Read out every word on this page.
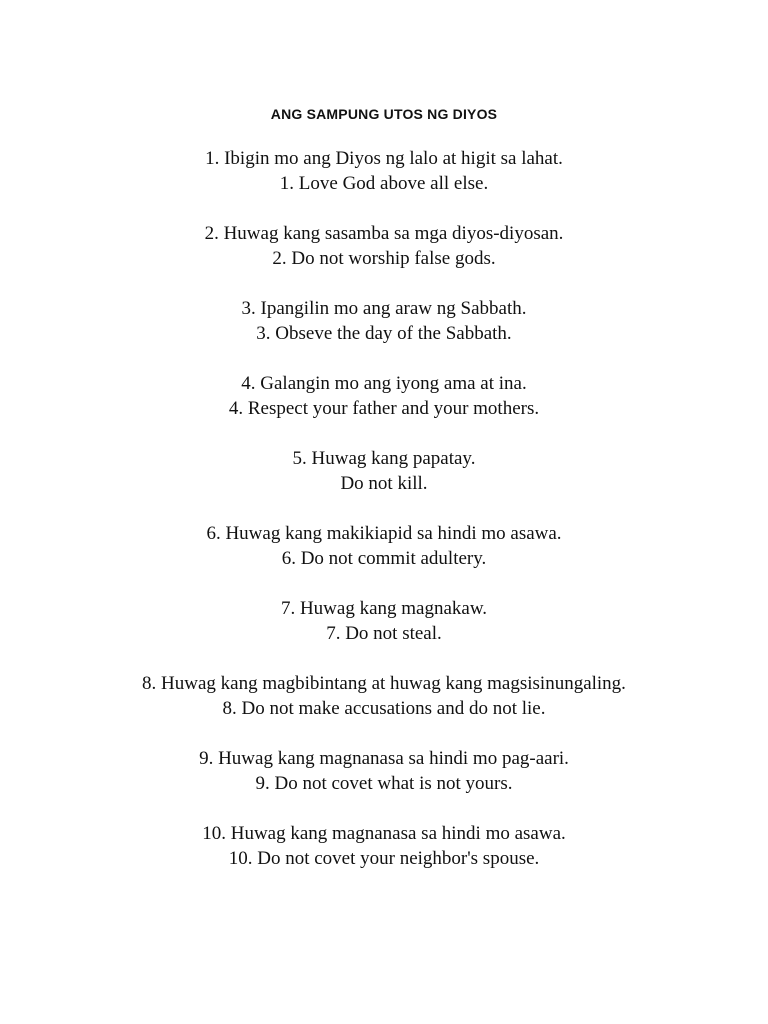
ANG SAMPUNG UTOS NG DIYOS
1. Ibigin mo ang Diyos ng lalo at higit sa lahat.
1. Love God above all else.
2. Huwag kang sasamba sa mga diyos-diyosan.
2. Do not worship false gods.
3. Ipangilin mo ang araw ng Sabbath.
3. Obseve the day of the Sabbath.
4. Galangin mo ang iyong ama at ina.
4. Respect your father and your mothers.
5. Huwag kang papatay.
Do not kill.
6. Huwag kang makikiapid sa hindi mo asawa.
6. Do not commit adultery.
7. Huwag kang magnakaw.
7. Do not steal.
8. Huwag kang magbibintang at huwag kang magsisinungaling.
8. Do not make accusations and do not lie.
9. Huwag kang magnanasa sa hindi mo pag-aari.
9. Do not covet what is not yours.
10. Huwag kang magnanasa sa hindi mo asawa.
10. Do not covet your neighbor's spouse.
